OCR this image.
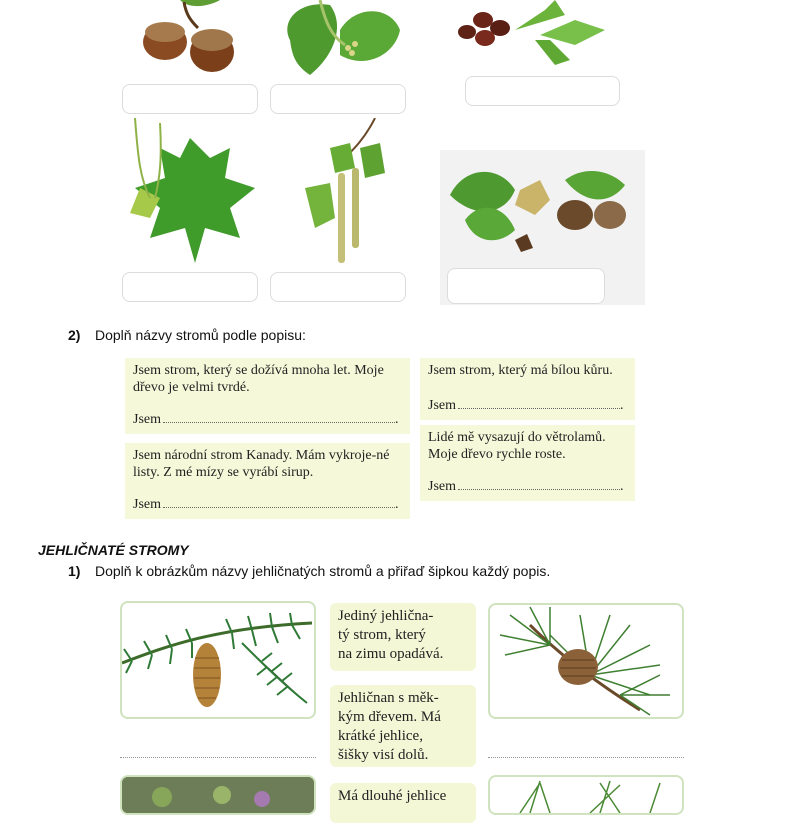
2) Doplň názvy stromů podle popisu:

Jsem strom, který se dožívá mnoha let. Moje dřevo je velmi tvrdé.

Jsem	.

Jsem národní strom Kanady. Mám vykroje-né listy. Z mé mízy se vyrábí sirup.

Jsem	.

Jsem strom, který má bílou kůru.

Jsem	.

Lidé mě vysazují do větrolamů. Moje dřevo rychle roste.

Jsem	.
JEHLIČNATÉ STROMY
1) Doplň k obrázkům názvy jehličnatých stromů a přiřaď šipkou každý popis.
Jediný jehlična-
tý strom, který
na zimu opadává.
Jehličnan s měk-
kým dřevem. Má
krátké jehlice,
šišky visí dolů.
Má dlouhé jehlice
